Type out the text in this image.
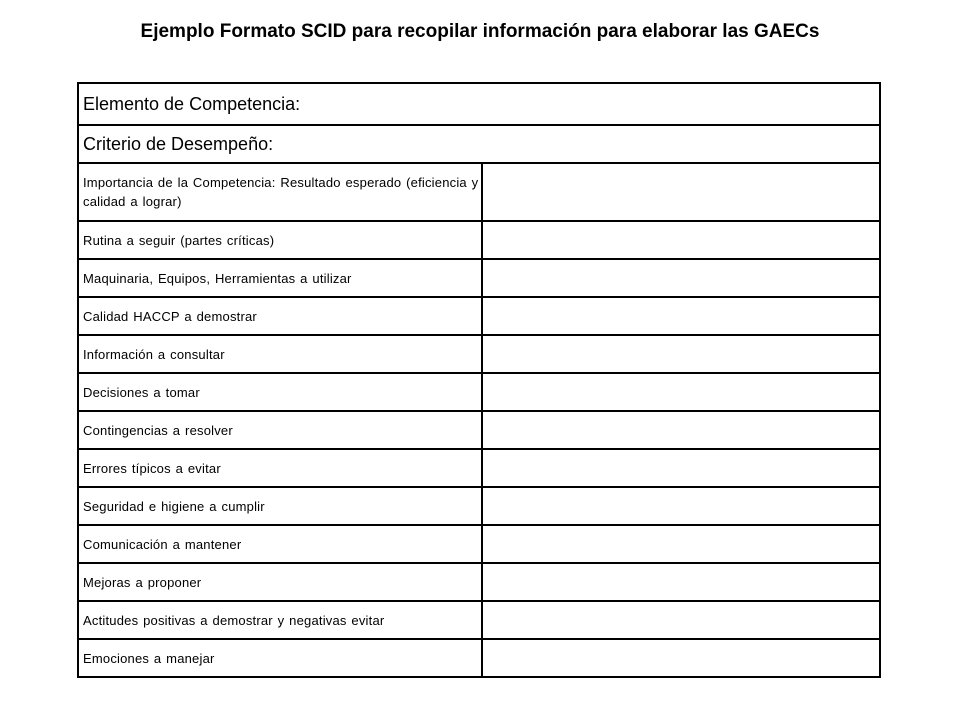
Ejemplo Formato SCID para recopilar información para elaborar las GAECs
Elemento de Competencia:	
Criterio de Desempeño:	
Importancia de la Competencia: Resultado esperado (eficiencia y calidad a lograr)	
Rutina a seguir (partes críticas)	
Maquinaria, Equipos, Herramientas a utilizar	
Calidad HACCP a demostrar	
Información a consultar	
Decisiones a tomar	
Contingencias a resolver	
Errores típicos a evitar	
Seguridad e higiene a cumplir	
Comunicación a mantener	
Mejoras a proponer	
Actitudes positivas a demostrar y negativas evitar	
Emociones a manejar	
